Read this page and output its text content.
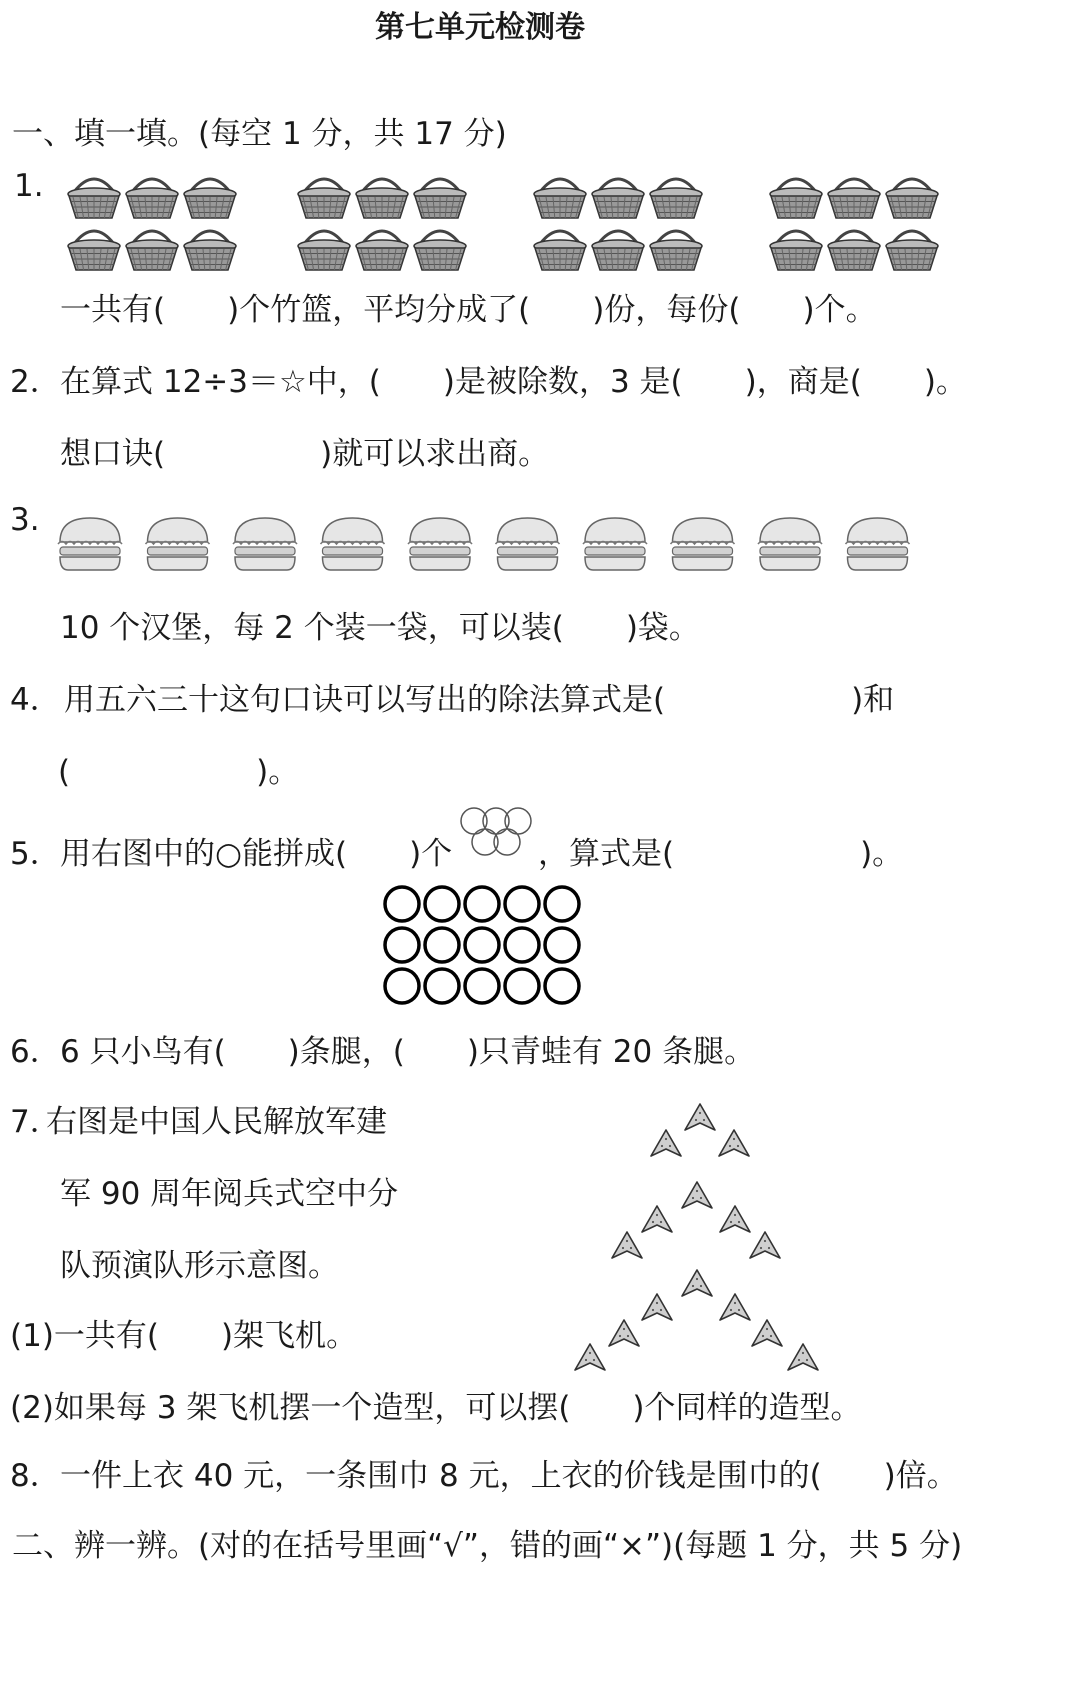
第七单元检测卷
一、填一填。(每空 1 分，共 17 分)
1.
一共有(　　)个竹篮，平均分成了(　　)份，每份(　　)个。
2． 在算式 12÷3＝☆中，(　　)是被除数，3 是(　　)，商是(　　)。
想口诀(　　　　　)就可以求出商。
3.
10 个汉堡，每 2 个装一袋，可以装(　　)袋。
4． 用五六三十这句口诀可以写出的除法算式是(　　　　　　)和
(　　　　　　)。
5． 用右图中的○能拼成(　　)个	，算式是(　　　　　　)。
6． 6 只小鸟有(　　)条腿，(　　)只青蛙有 20 条腿。
7．
右图是中国人民解放军建
军 90 周年阅兵式空中分
队预演队形示意图。
(1)一共有(　　)架飞机。
(2)如果每 3 架飞机摆一个造型，可以摆(　　)个同样的造型。
8． 一件上衣 40 元，一条围巾 8 元，上衣的价钱是围巾的(　　)倍。
二、辨一辨。(对的在括号里画“√”，错的画“×”)(每题 1 分，共 5 分)
